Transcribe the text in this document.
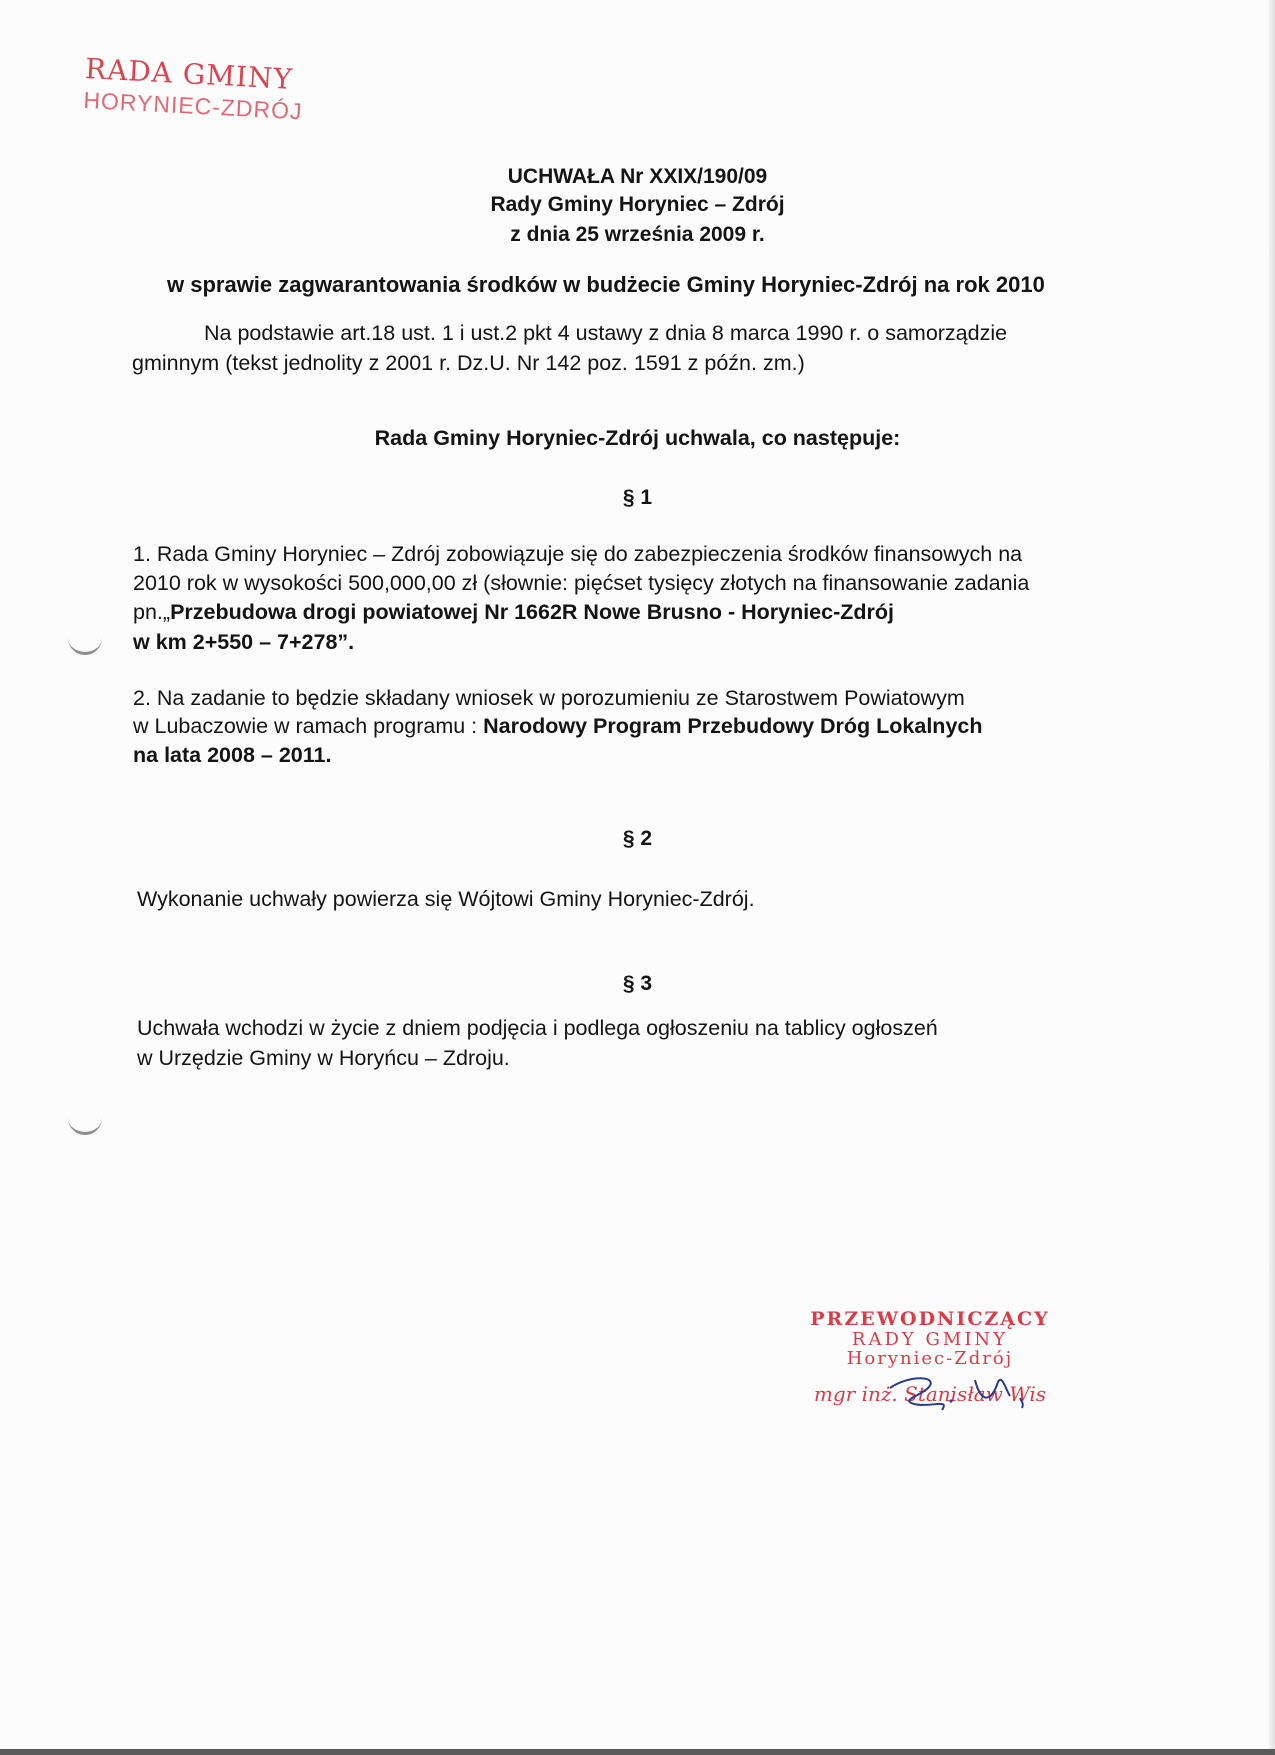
RADA GMINY
HORYNIEC-ZDRÓJ
UCHWAŁA Nr XXIX/190/09
Rady Gminy Horyniec – Zdrój
z dnia 25 września 2009 r.
w sprawie zagwarantowania środków w budżecie Gminy Horyniec-Zdrój na rok 2010
Na podstawie art.18 ust. 1 i ust.2 pkt 4 ustawy z dnia 8 marca 1990 r. o samorządzie
gminnym (tekst jednolity z 2001 r. Dz.U. Nr 142 poz. 1591 z późn. zm.)
Rada Gminy Horyniec-Zdrój uchwala, co następuje:
§ 1
1. Rada Gminy Horyniec – Zdrój zobowiązuje się do zabezpieczenia środków finansowych na
2010 rok w wysokości 500,000,00 zł (słownie: pięćset tysięcy złotych na finansowanie zadania
pn.„Przebudowa drogi powiatowej Nr 1662R Nowe Brusno - Horyniec-Zdrój
w km 2+550 – 7+278”.
2. Na zadanie to będzie składany wniosek w porozumieniu ze Starostwem Powiatowym
w Lubaczowie w ramach programu : Narodowy Program Przebudowy Dróg Lokalnych
na lata 2008 – 2011.
§ 2
Wykonanie uchwały powierza się Wójtowi Gminy Horyniec-Zdrój.
§ 3
Uchwała wchodzi w życie z dniem podjęcia i podlega ogłoszeniu na tablicy ogłoszeń
w Urzędzie Gminy w Horyńcu – Zdroju.
PRZEWODNICZĄCY
RADY GMINY
Horyniec-Zdrój
mgr inż. Stanisław Wis
